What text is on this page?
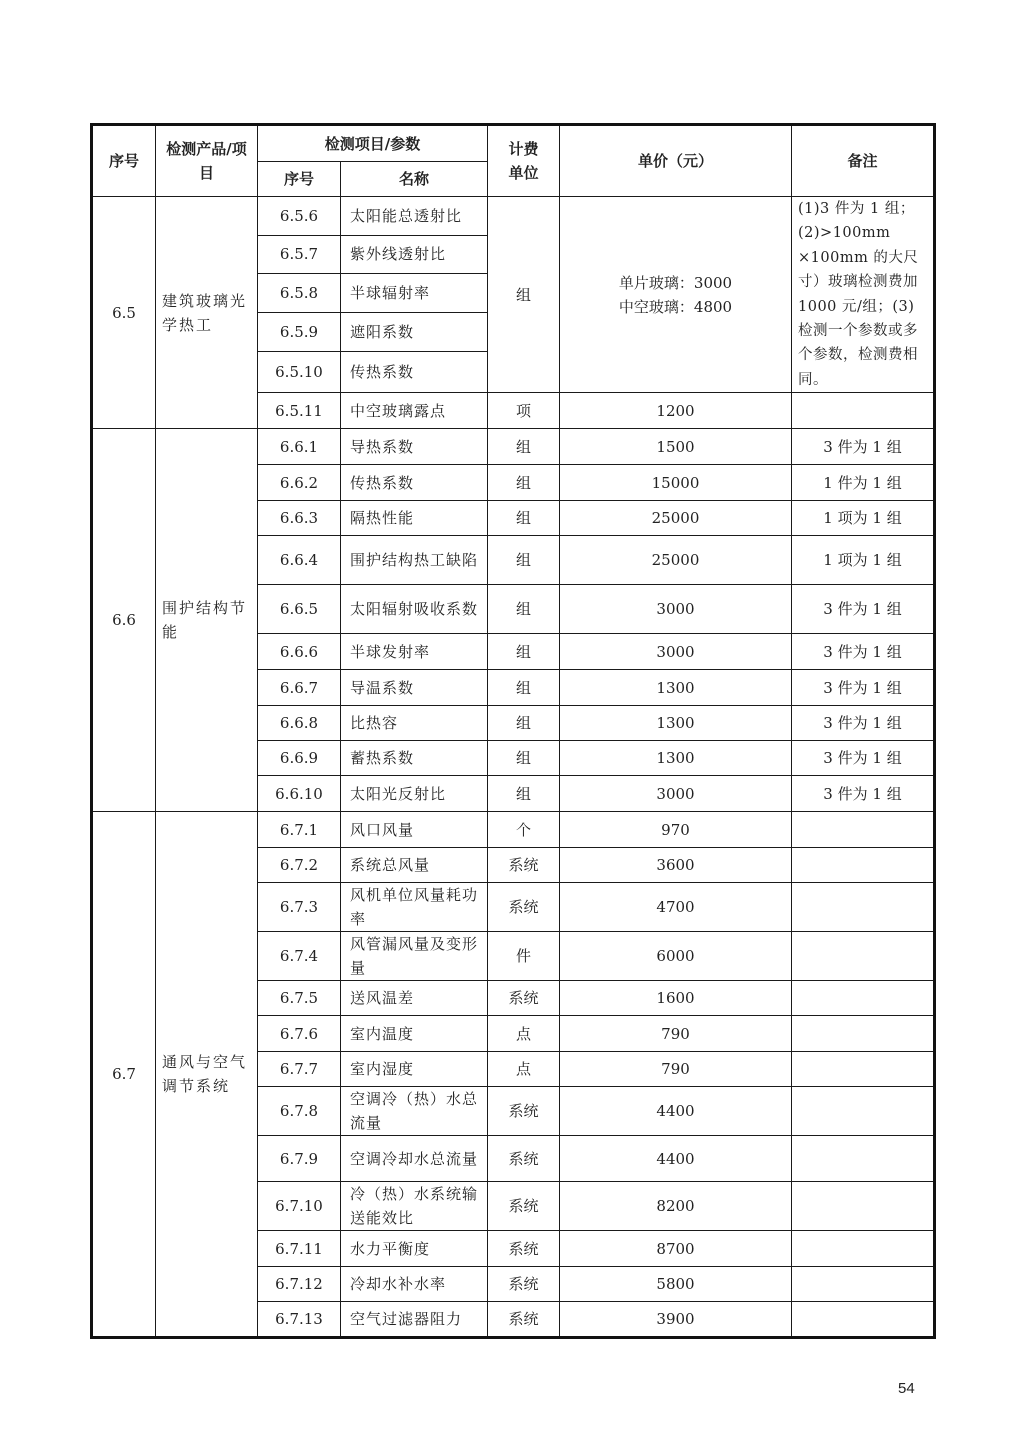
序号	检测产品/项目	检测项目/参数		计费单位	单价（元）	备注
		序号	名称			
6.5	建筑玻璃光学热工	6.5.6	太阳能总透射比	组	单片玻璃：3000
中空玻璃：4800	(1)3 件为 1 组；(2)>100mm ×100mm 的大尺寸）玻璃检测费加 1000 元/组；(3)检测一个参数或多个参数，检测费相同。
		6.5.7	紫外线透射比			
		6.5.8	半球辐射率			
		6.5.9	遮阳系数			
		6.5.10	传热系数			
		6.5.11	中空玻璃露点	项	1200	
6.6	围护结构节能	6.6.1	导热系数	组	1500	3 件为 1 组
		6.6.2	传热系数	组	15000	1 件为 1 组
		6.6.3	隔热性能	组	25000	1 项为 1 组
		6.6.4	围护结构热工缺陷	组	25000	1 项为 1 组
		6.6.5	太阳辐射吸收系数	组	3000	3 件为 1 组
		6.6.6	半球发射率	组	3000	3 件为 1 组
		6.6.7	导温系数	组	1300	3 件为 1 组
		6.6.8	比热容	组	1300	3 件为 1 组
		6.6.9	蓄热系数	组	1300	3 件为 1 组
		6.6.10	太阳光反射比	组	3000	3 件为 1 组
6.7	通风与空气调节系统	6.7.1	风口风量	个	970	
		6.7.2	系统总风量	系统	3600	
		6.7.3	风机单位风量耗功率	系统	4700	
		6.7.4	风管漏风量及变形量	件	6000	
		6.7.5	送风温差	系统	1600	
		6.7.6	室内温度	点	790	
		6.7.7	室内湿度	点	790	
		6.7.8	空调冷（热）水总流量	系统	4400	
		6.7.9	空调冷却水总流量	系统	4400	
		6.7.10	冷（热）水系统输送能效比	系统	8200	
		6.7.11	水力平衡度	系统	8700	
		6.7.12	冷却水补水率	系统	5800	
		6.7.13	空气过滤器阻力	系统	3900	
54
